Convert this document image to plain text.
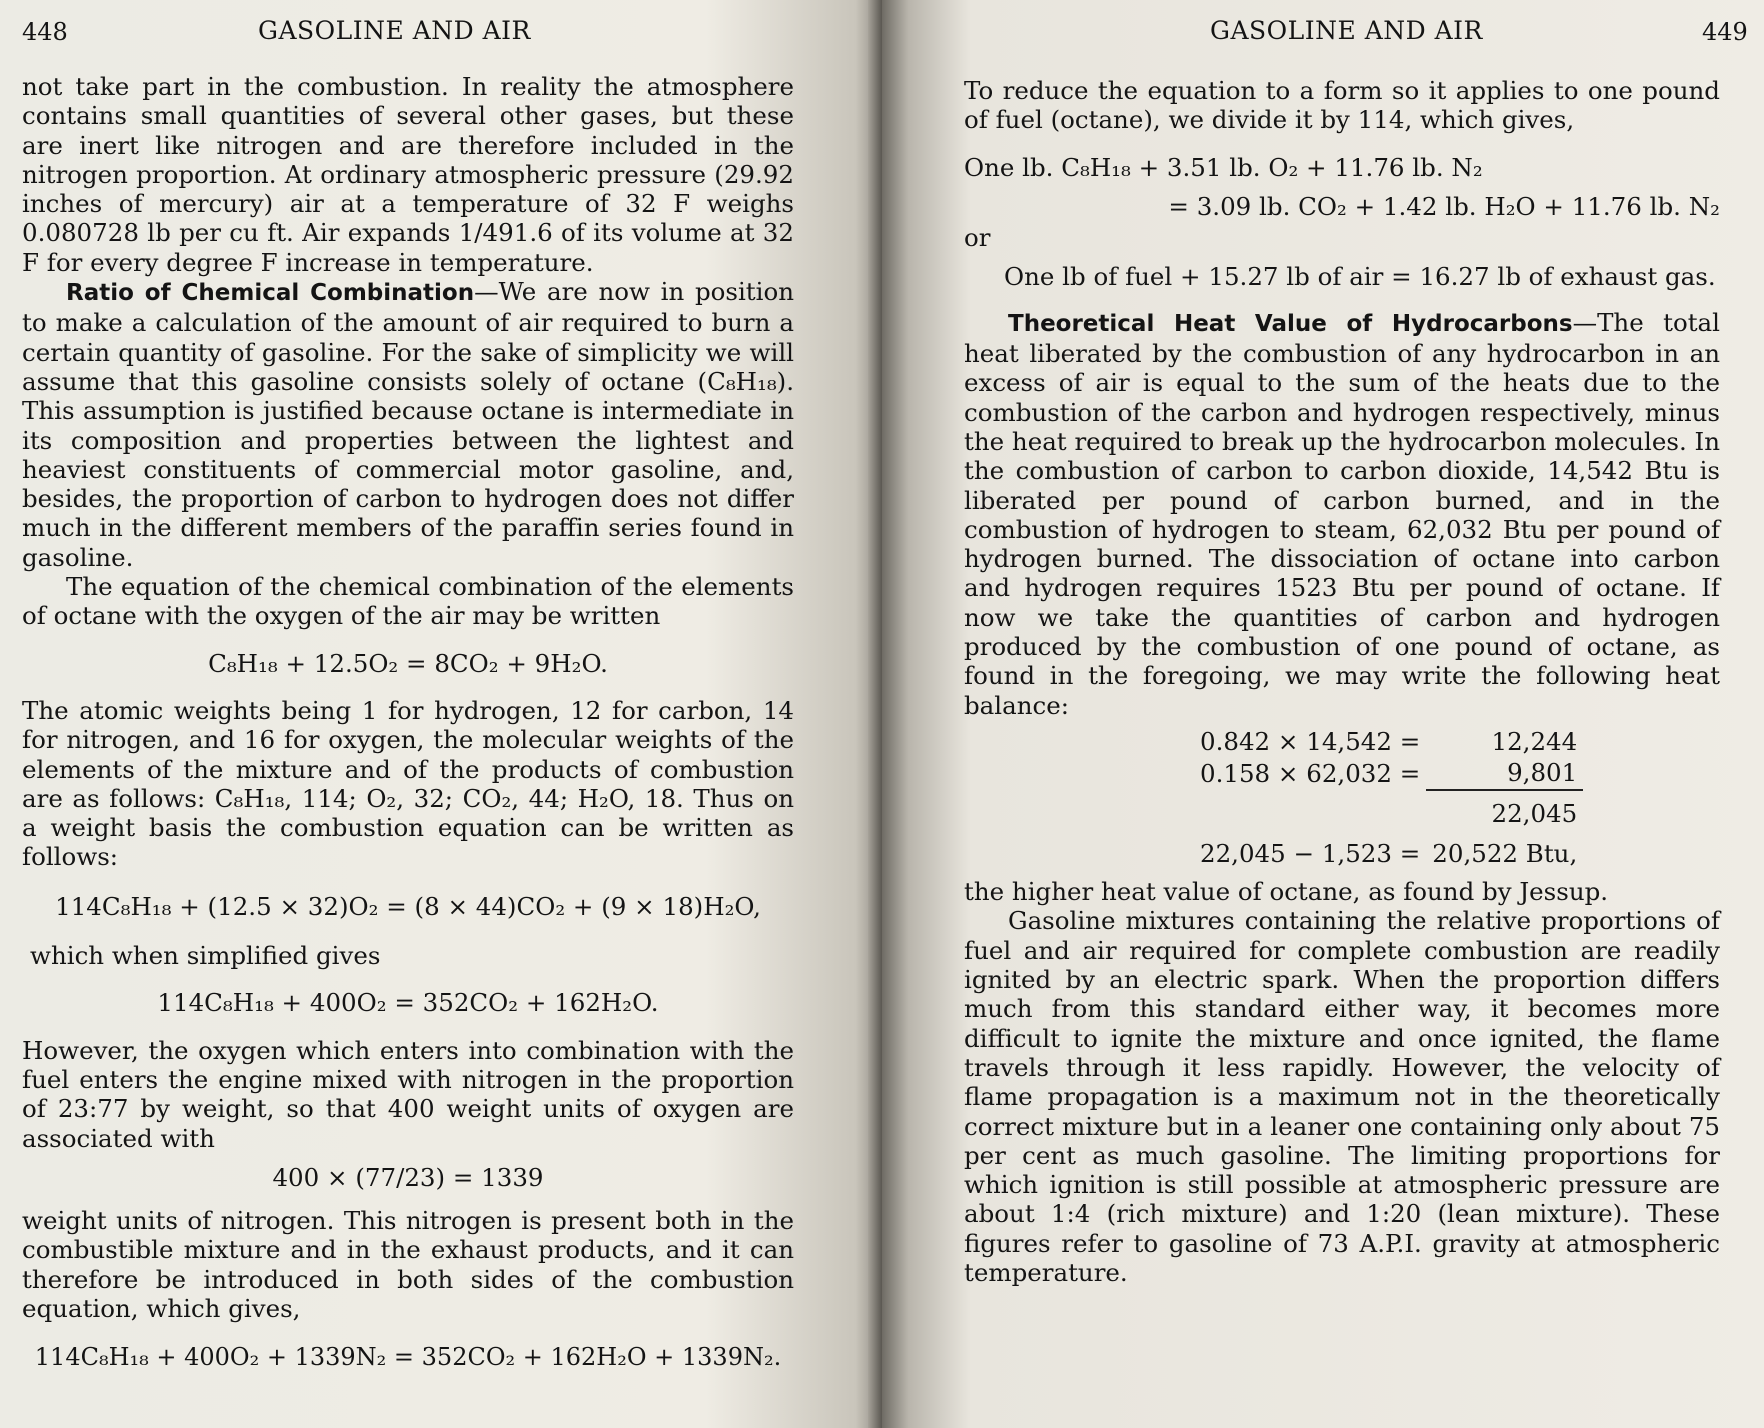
448	GASOLINE AND AIR

not take part in the combustion. In reality the atmosphere contains small quantities of several other gases, but these are inert like nitrogen and are therefore included in the nitrogen proportion. At ordinary atmospheric pressure (29.92 inches of mercury) air at a temperature of 32 F weighs 0.080728 lb per cu ft. Air expands 1/491.6 of its volume at 32 F for every degree F increase in temperature.

Ratio of Chemical Combination—We are now in position to make a calculation of the amount of air required to burn a certain quantity of gasoline. For the sake of simplicity we will assume that this gasoline consists solely of octane (C₈H₁₈). This assumption is justified because octane is intermediate in its composition and properties between the lightest and heaviest constituents of commercial motor gasoline, and, besides, the proportion of carbon to hydrogen does not differ much in the different members of the paraffin series found in gasoline.

The equation of the chemical combination of the elements of octane with the oxygen of the air may be written

C₈H₁₈ + 12.5O₂ = 8CO₂ + 9H₂O.

The atomic weights being 1 for hydrogen, 12 for carbon, 14 for nitrogen, and 16 for oxygen, the molecular weights of the elements of the mixture and of the products of combustion are as follows: C₈H₁₈, 114; O₂, 32; CO₂, 44; H₂O, 18. Thus on a weight basis the combustion equation can be written as follows:

114C₈H₁₈ + (12.5 × 32)O₂ = (8 × 44)CO₂ + (9 × 18)H₂O,

which when simplified gives

114C₈H₁₈ + 400O₂ = 352CO₂ + 162H₂O.

However, the oxygen which enters into combination with the fuel enters the engine mixed with nitrogen in the proportion of 23:77 by weight, so that 400 weight units of oxygen are associated with

400 × (77/23) = 1339

weight units of nitrogen. This nitrogen is present both in the combustible mixture and in the exhaust products, and it can therefore be introduced in both sides of the combustion equation, which gives,

114C₈H₁₈ + 400O₂ + 1339N₂ = 352CO₂ + 162H₂O + 1339N₂.

GASOLINE AND AIR	449

To reduce the equation to a form so it applies to one pound of fuel (octane), we divide it by 114, which gives,

One lb. C₈H₁₈ + 3.51 lb. O₂ + 11.76 lb. N₂

= 3.09 lb. CO₂ + 1.42 lb. H₂O + 11.76 lb. N₂

or

One lb of fuel + 15.27 lb of air = 16.27 lb of exhaust gas.

Theoretical Heat Value of Hydrocarbons—The total heat liberated by the combustion of any hydrocarbon in an excess of air is equal to the sum of the heats due to the combustion of the carbon and hydrogen respectively, minus the heat required to break up the hydrocarbon molecules. In the combustion of carbon to carbon dioxide, 14,542 Btu is liberated per pound of carbon burned, and in the combustion of hydrogen to steam, 62,032 Btu per pound of hydrogen burned. The dissociation of octane into carbon and hydrogen requires 1523 Btu per pound of octane. If now we take the quantities of carbon and hydrogen produced by the combustion of one pound of octane, as found in the foregoing, we may write the following heat balance:

0.842 × 14,542 =	12,244
0.158 × 62,032 =	9,801
	22,045
22,045 − 1,523 =	20,522 Btu,

the higher heat value of octane, as found by Jessup.

Gasoline mixtures containing the relative proportions of fuel and air required for complete combustion are readily ignited by an electric spark. When the proportion differs much from this standard either way, it becomes more difficult to ignite the mixture and once ignited, the flame travels through it less rapidly. However, the velocity of flame propagation is a maximum not in the theoretically correct mixture but in a leaner one containing only about 75 per cent as much gasoline. The limiting proportions for which ignition is still possible at atmospheric pressure are about 1:4 (rich mixture) and 1:20 (lean mixture). These figures refer to gasoline of 73 A.P.I. gravity at atmospheric temperature.
